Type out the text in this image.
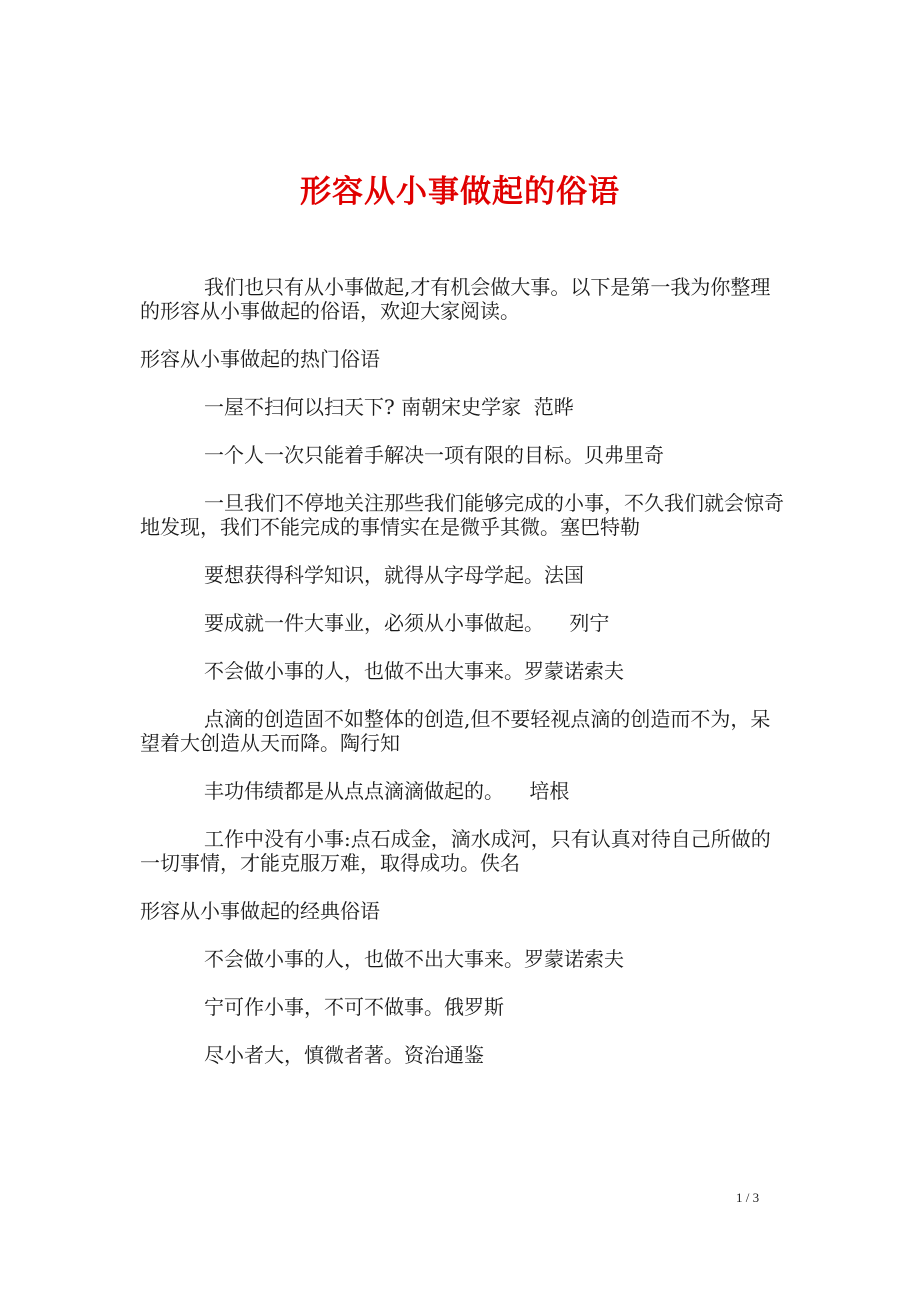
形容从小事做起的俗语

我们也只有从小事做起,才有机会做大事。以下是第一我为你整理的形容从小事做起的俗语，欢迎大家阅读。

形容从小事做起的热门俗语

一屋不扫何以扫天下? 南朝宋史学家  范晔

一个人一次只能着手解决一项有限的目标。贝弗里奇

一旦我们不停地关注那些我们能够完成的小事，不久我们就会惊奇地发现，我们不能完成的事情实在是微乎其微。塞巴特勒

要想获得科学知识，就得从字母学起。法国

要成就一件大事业，必须从小事做起。    列宁

不会做小事的人，也做不出大事来。罗蒙诺索夫

点滴的创造固不如整体的创造,但不要轻视点滴的创造而不为，呆望着大创造从天而降。陶行知

丰功伟绩都是从点点滴滴做起的。    培根

工作中没有小事:点石成金，滴水成河，只有认真对待自己所做的一切事情，才能克服万难，取得成功。佚名

形容从小事做起的经典俗语

不会做小事的人，也做不出大事来。罗蒙诺索夫

宁可作小事，不可不做事。俄罗斯

尽小者大，慎微者著。资治通鉴

1 / 3
